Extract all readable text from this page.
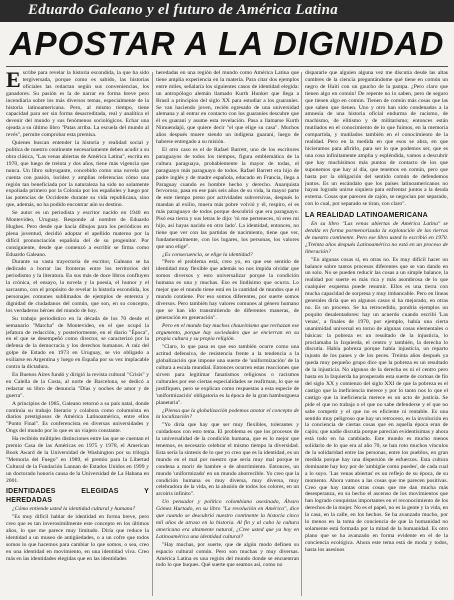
Eduardo Galeano y el futuro de América Latina
APOSTAR A LA DIGNIDAD

Escribe para revelar la historia escondida, la que ha sido tergiversada, porque como es sabido, las historias oficiales las redactan según sus conveniencias, los ganadores. Su pasión es la de narrar en forma breve pero incendiaria sobre los más diversos temas, especialmente de la historia latinoamericana. Pero, al mismo tiempo, tiene capacidad para ser sin forma desacreditada, real y analítica el devenir del mundo y sus fenómenos sociológicos. Echar una ojeada a su último libro "Patas arriba. La escuela del mundo al revés", permite comprobar esta premisa.

Quienes buscan entender la historia y realidad social y política de nuestro continente necesariamente deben acudir a su obra clásica, "Las venas abiertas de América Latina", escrita en 1970, que luego de treinta y dos años, tiene más vigencia que nunca. Un libro subyugante, concebido como una novela que cuenta con pasión, lucidez y amplias referencias cómo una región tan beneficiada por la naturaleza ha sido no solamente expoliada primero por la Colonia por los españoles y luego por las potencias de Occidente durante su vida republicana, sino que, además, no ha podido encontrar aún su destino.

Se autor es un periodista y escritor nacido en 1940 en Montevideo, Uruguay. Responde al nombre de Eduardo Hughes. Pero desde que hacía dibujos para los periódicos en plena juventud, decidió adoptar el apellido materno por la difícil pronunciación española del de su progenitor. Por consiguiente, desde que comenzó a escribir se firma como Eduardo Galeano.

Durante su vasta trayectoria de escritor, Galeano se ha dedicado a borrar las fronteras entre los territorios del periodismo y la literatura. En sus más de doce libros confluyen la crónica, el ensayo, la novela y la poesía, el humor y el sarcasmo, con el propósito de revelar la historia escondida, los personajes comunes sublimados de ejemplos de entereza y dignidad de ciudadanos del común, que son, en su concepto, los verdaderos héroes del mundo de hoy.

Su trabajo periodístico en la década de los 70 desde el semanario "Marcha" de Montevideo, en el que ocupó la jefatura de redacción, y posteriormente, en el diario "Época", en el que se desempeñó como director, se caracterizó por la defensa de la democracia y los derechos humanos. A raíz del golpe de Estado en 1973 en Uruguay, se vio obligado a exiliarse en Argentina y luego en España por su vez implacable contra la dictadura.

En Buenos Aires fundó y dirigió la revista cultural "Crisis" y en Calella de la Costa, al norte de Barcelona, se dedicó a redactar su libro de denuncia "Días y noches de amor y de guerra".

A principios de 1985, Galeano retornó a su país natal, donde continúa su trabajo literario y colabora como columnista en diarios prestigiosos de América Latinoamérica, entre ellos "Punto Final". Es conferencista en diversas universidades y Ongs del mundo por lo que es un viajero constante.

Ha recibido múltiples distinciones entre las que se cuentan el premio Casa de las Américas en 1975 y 1978, el American Book Award de la Universidad de Washington por su trilogía "Memoria del Fuego" en 1989, el premio para la Libertad Cultural de la Fundación Lannan de Estados Unidos en 1999 y un doctorado honoris causa de la Universidad de La Habana en 2001.

IDENTIDADES ELEGIDAS Y HEREDADAS

¿Cómo entiende usted la identidad cultural y humana?

"Es muy difícil hablar de identidad en forma breve, pero creo que es tan inverosímilmente este concepto en los últimos años, lo que me parece muy limitado. Diría que reduce la identidad a un museo de antigüedades, o a un cofre que todos somos lo que hacemos para cambiar lo que somos, o sea, creo en una identidad en movimiento, en una identidad viva. Creo más en las identidades elegidas que en las identidades

heredadas en una región del mundo como América Latina que tiene amplia experiencia en la materia. Para citar dos ejemplos entre miles, señalaría los siguientes casos de identidad elegida: un antropólogo alemán llamado Kurth Hunker que llega a Brasil a principios del siglo XX para estudiar a los guaraníes. Se van haciendo joven, recién egresado de una universidad alemana y al entrar en contacto con los guaraníes descubre que él es guaraní y asume esta revelación. Pasa a llamarse Kurth Nimuendajú, que quiere decir "el que elige su casa". Muchos años después muere siendo un indígena guaraní, luego de haberse entregado a su misión.

El otro caso es el de Rafael Barrett, uno de los escritores paraguayos de todos los tiempos, figura emblemática de la cultura paraguaya, probablemente la mayor de todas, el paraguayo más paraguayo de todos. Rafael Barrett era hijo de padre inglés y de madre española, educado en Francia, llega a Paraguay cuando es hombre hecho y derecho. Anarquista fervoroso, pasa en ese país seis años de su vida, la mayor parte de este tiempo preso por actividades subversivas, después lo mandan al exilio, muera más pobre volvió y él, respiro, el es más paraguayo de todos porque descubrió que era paraguayo. Pisó esa tierra y sus letras le dijo: 'tú me perteneces, tú eres mi hijo, así hayas nacido en otro lado'. La identidad, entonces, no tiene que ver con las partidas de nacimiento, tiene que ver, fundamentalmente, con los lugares, los personas, los valores que uno elige".

¿Es consecuencia, se elige la identidad?

"Pero el problema está, creo yo, en que ese sentido de identidad muy flexible que además no nos impida olvidar que somos diversos y esto universalizar porque la condición humana es una y muchas. Eso es lindísimo que ocurra. Lo mejor que el mundo tiene está en la cantidad de mundos que el mundo contiene. Por eso somos diferentes, por suerte somos diversos. Pero también hay valores comunes al género humano que se han ido transmitiendo de diferentes maneras, de generación en generación".

Pero en el mundo hay muchos chauvinismo que rechazan ese argumento, porque hay sociedades que se encierran en su propia cultura y su propia religión.

"Claro, lo que pasa es que eso también ocurre como una actitud defensiva, de resistencia frente a la tendencia a la globalización que impone una suerte de 'uniformización' de la cultura a escala mundial. Entonces ocurren estas reacciones que sirven para legitimar fanatismos religiosos o racismos culturales por ese ciertas especialidades se reafirman, lo que se justifiquen, pero se explican como respuestas a esta especie de 'uniformización' obligatoria es la época de la gran hamburguesa planetaria".

¿Piensa que la globalización podemos anotar el concepto de la localización?

"Yo diría que hay que ser muy flexibles, tolerantes y cuidadosos con esto tema. El problema es que los procesos de la universalidad de la condición humana, que es lo mejor que tenemos, es necesario celebrar el mismo tiempo la diversidad. Esta sería la síntesis de lo que yo creo que es la identidad, es un mundo en el mal por nuestro que sería muy mal porque te condena a morir de hambre o de aburrimiento. Entonces, un mundo 'uniformizado' en un mundo aborrecible. Yo creo que la condición humana es muy diversa, muy diversa, muy celebradora de la vida, en la alusión de todos los colores, en un arcoiris infinito".

Un pensador y político colombiano asesinado, Álvaro Gómez Hurtado, en su libro "La revolución en América", dice que cuando se descubrió nuestro continente la historia cinco mil años de atraso en la historia. Al fin y al cabo la cultura americana era altamente natural, ¿Cree usted que ya hoy en Latinoamérica una identidad cultural?

"Hay muchas, por suerte, que de algún modo definen su espacio cultural común. Pero son muchas y muy diversas. América Latina es una región del mundo donde se encuentran todo lo que buques. Qué suerte que seamos así, como no

dispararle que alguien alguna vez me discutía desde las altas cumbres de la ciencia preguntándome qué tiene en común un negro de Haití con un gaucho de la pampa. ¿Pero claro que tienen algo en común! De repente no lo saben, pero de seguro que tienen algo en común. Tienen de común más cosas que las que saben que tienen. Uno y otro han sido condenados a la amnesia de una historia oficial endurma de racismo, de machismo, de elitismo y de militarismo; entonces están mutilados en el conocimiento de lo que fuimos, en la memoria compartida, y mutilados también en el conocimiento de la realidad. Pero en la medida en que esos se abra, en que hicieramos para afirirlo, para ser lo que podemos ser, que es una cosa infinitamente amplia y espléndida, vamos a descubrir que hay muchísimos más puntos de contacto de los que suponemos que hay al día, que tenemos en común, pero que hasta por la obligación del sentido común de defendemos juntos. Es un escándalo que los países latinoamericanos no hayan logrado unirse siquiera para enfrentar juntos a la deuda externa. Cosas que parecen de cajón, se negocian por separado, con lo cual, por separado se tiran, con claro".

LA REALIDAD LATINOAMERICANA

En su libro "Las venas abiertas de América Latina" se detalla en forma pormenorizada la explotación de las tierras de nuestro continente. Pero ese libro usted lo escribió en 1970. ¿Treinta años después Latinoamérica no está en un proceso de liberación?

"En algunas cosas sí, en otras no. Es muy difícil hacer un balance sobre tantos procesos diferentes que se van dando en un solo. No se pueden reducir las cosas a un simple balance, la realidad por suerte es más rica y más asombrosa de lo que cualquier esquema puede resumir. Ellos es una tierra con mucha capacidad de sorpresa y muy imbancable. Pero en líneas generales diría que en algunos casos si ha mejorado, en otras no. Es un proceso. Se ha retrocedido, pondría ejemplos un poquito desalentadores: hay un acuerdo cuando escribí 'Las venas', a finales de 1970, por ejemplo, había una cierta unanimidad universal en torno de algunas cosas elementales o básicas: la pobreza es un resultado de la injusticia, lo proclamaba la Izquierda, el centro y también, la derecha lo discutía. Había pobreza porque había injusticia, un reparto injusto de los panes y de los peces. Treinta años después ya queda muy pequeño grupo dice que la pobreza es un resultado de la injusticia. No algunos de la derecha es ni el centro pero hasta en la Izquierda ha prosperado esta suerte de cortoas de fin del siglo XX y comienzo del siglo XXI de que la pobreza es el castigo que la ineficiencia merece y por lo tanto nos lo que el castigo que la ineficiencia merece es un acto de justicia. Se pide el que no trabaja o el que no sabe defenderse y el que no sabe competir y el que no es eficiente ni rentable. Es una sentido muy peligroso que hay un retroceso, es la involución en la conciencia de ciertas cosas que en aquella época eran de cajón; que nadie discutía porque parecían evidentísimas y ahora está todo en ha cambiado. Este mundo es mucho menos solidario de lo que era al año 70, se han roto muchos vínculos de la solidaridad entre las personas, entre los pueblos, en gran medida porque hay una dispersión de esfuerzos. Esta cultura dominante hay hoy por de 'ambigüe como puedes', de cada cual a lo suyo. 'Las venas abiertas' es un reflejo de su época, de su momento. Ahora vamos a las cosas que me parecen positivas. Creo que hay tantas otras cosas que me dan mucha más desesperanza, en su hecho el ascenso de los movimientos que han logrado conquistas importantes en el reconocimiento de los derechos de la mujer. No es el papel, no es la gente y la vida, en la casa, en la calle, en los hechos. Se ha avanzado mucho, por lo menos en la toma de conciencia de que la humanidad no solamente está formada por la mitad de la humanidad. Es otro plano que se ha avanzado en forma evidente en el de la conciencia ecológica. Ahora este tema está de moda y todos, hasta los asesinos
